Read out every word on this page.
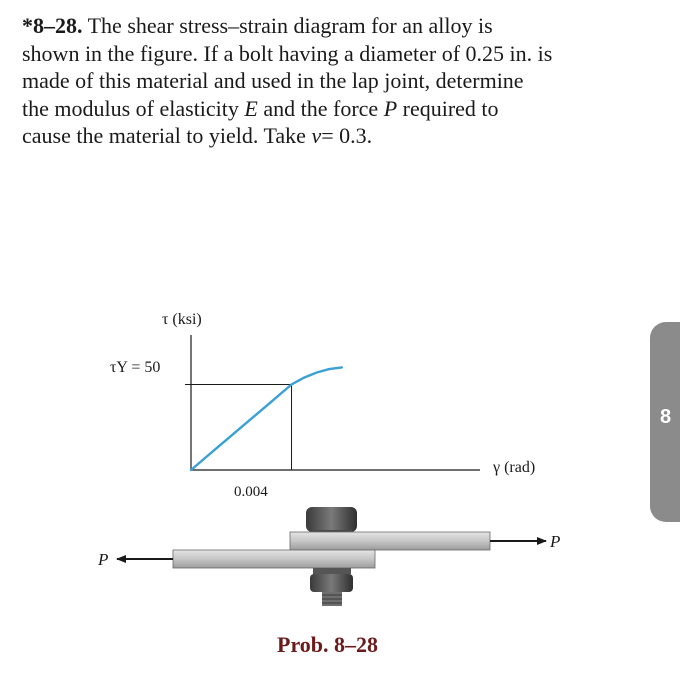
*8–28. The shear stress–strain diagram for an alloy is
shown in the figure. If a bolt having a diameter of 0.25 in. is
made of this material and used in the lap joint, determine
the modulus of elasticity E and the force P required to
cause the material to yield. Take ν= 0.3.
τ (ksi)
τY = 50
γ (rad)
0.004
P
P

Prob. 8–28

8
